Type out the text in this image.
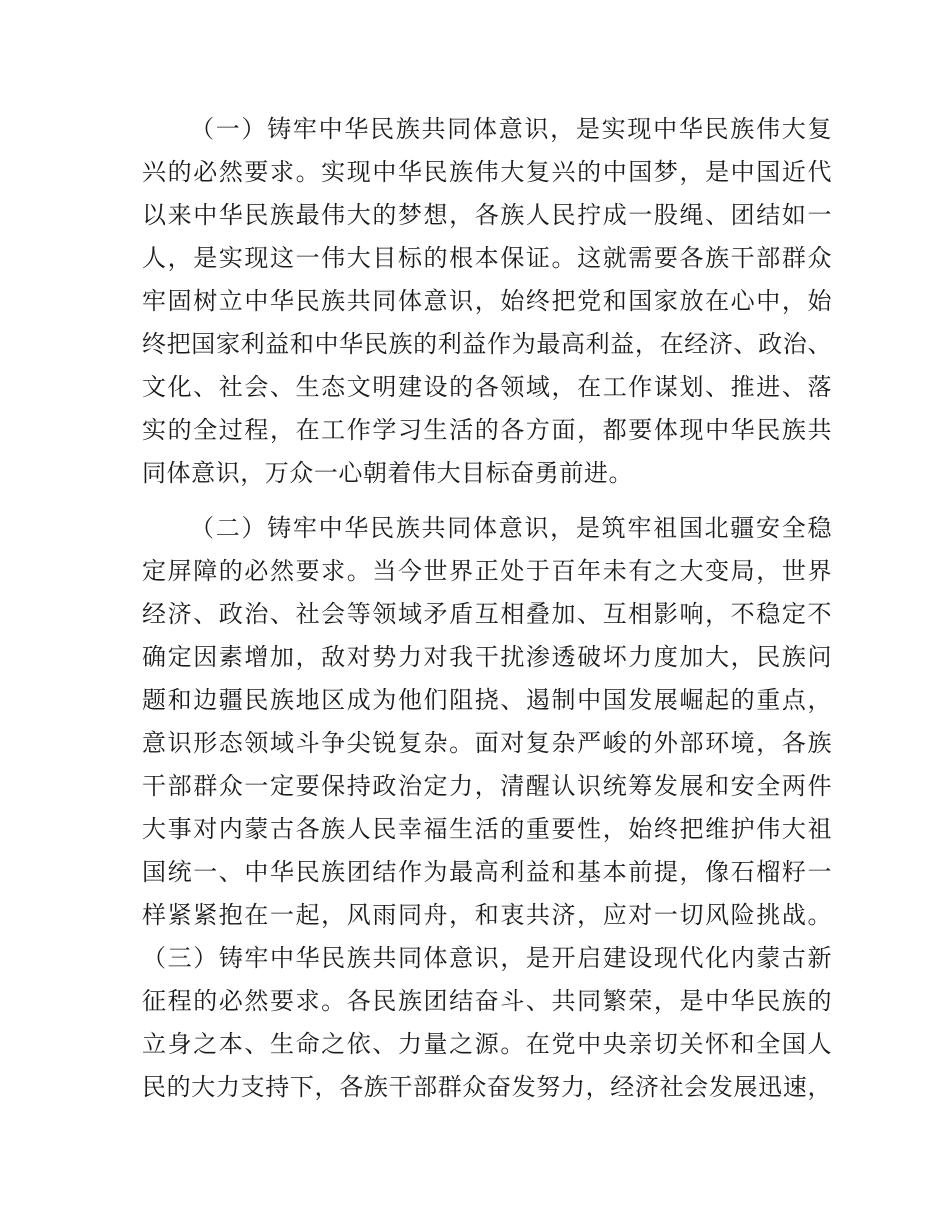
（一）铸牢中华民族共同体意识，是实现中华民族伟大复
兴的必然要求。实现中华民族伟大复兴的中国梦，是中国近代
以来中华民族最伟大的梦想，各族人民拧成一股绳、团结如一
人，是实现这一伟大目标的根本保证。这就需要各族干部群众
牢固树立中华民族共同体意识，始终把党和国家放在心中，始
终把国家利益和中华民族的利益作为最高利益，在经济、政治、
文化、社会、生态文明建设的各领域，在工作谋划、推进、落
实的全过程，在工作学习生活的各方面，都要体现中华民族共
同体意识，万众一心朝着伟大目标奋勇前进。
（二）铸牢中华民族共同体意识，是筑牢祖国北疆安全稳
定屏障的必然要求。当今世界正处于百年未有之大变局，世界
经济、政治、社会等领域矛盾互相叠加、互相影响，不稳定不
确定因素增加，敌对势力对我干扰渗透破坏力度加大，民族问
题和边疆民族地区成为他们阻挠、遏制中国发展崛起的重点，
意识形态领域斗争尖锐复杂。面对复杂严峻的外部环境，各族
干部群众一定要保持政治定力，清醒认识统筹发展和安全两件
大事对内蒙古各族人民幸福生活的重要性，始终把维护伟大祖
国统一、中华民族团结作为最高利益和基本前提，像石榴籽一
样紧紧抱在一起，风雨同舟，和衷共济，应对一切风险挑战。
（三）铸牢中华民族共同体意识，是开启建设现代化内蒙古新
征程的必然要求。各民族团结奋斗、共同繁荣，是中华民族的
立身之本、生命之依、力量之源。在党中央亲切关怀和全国人
民的大力支持下，各族干部群众奋发努力，经济社会发展迅速，
